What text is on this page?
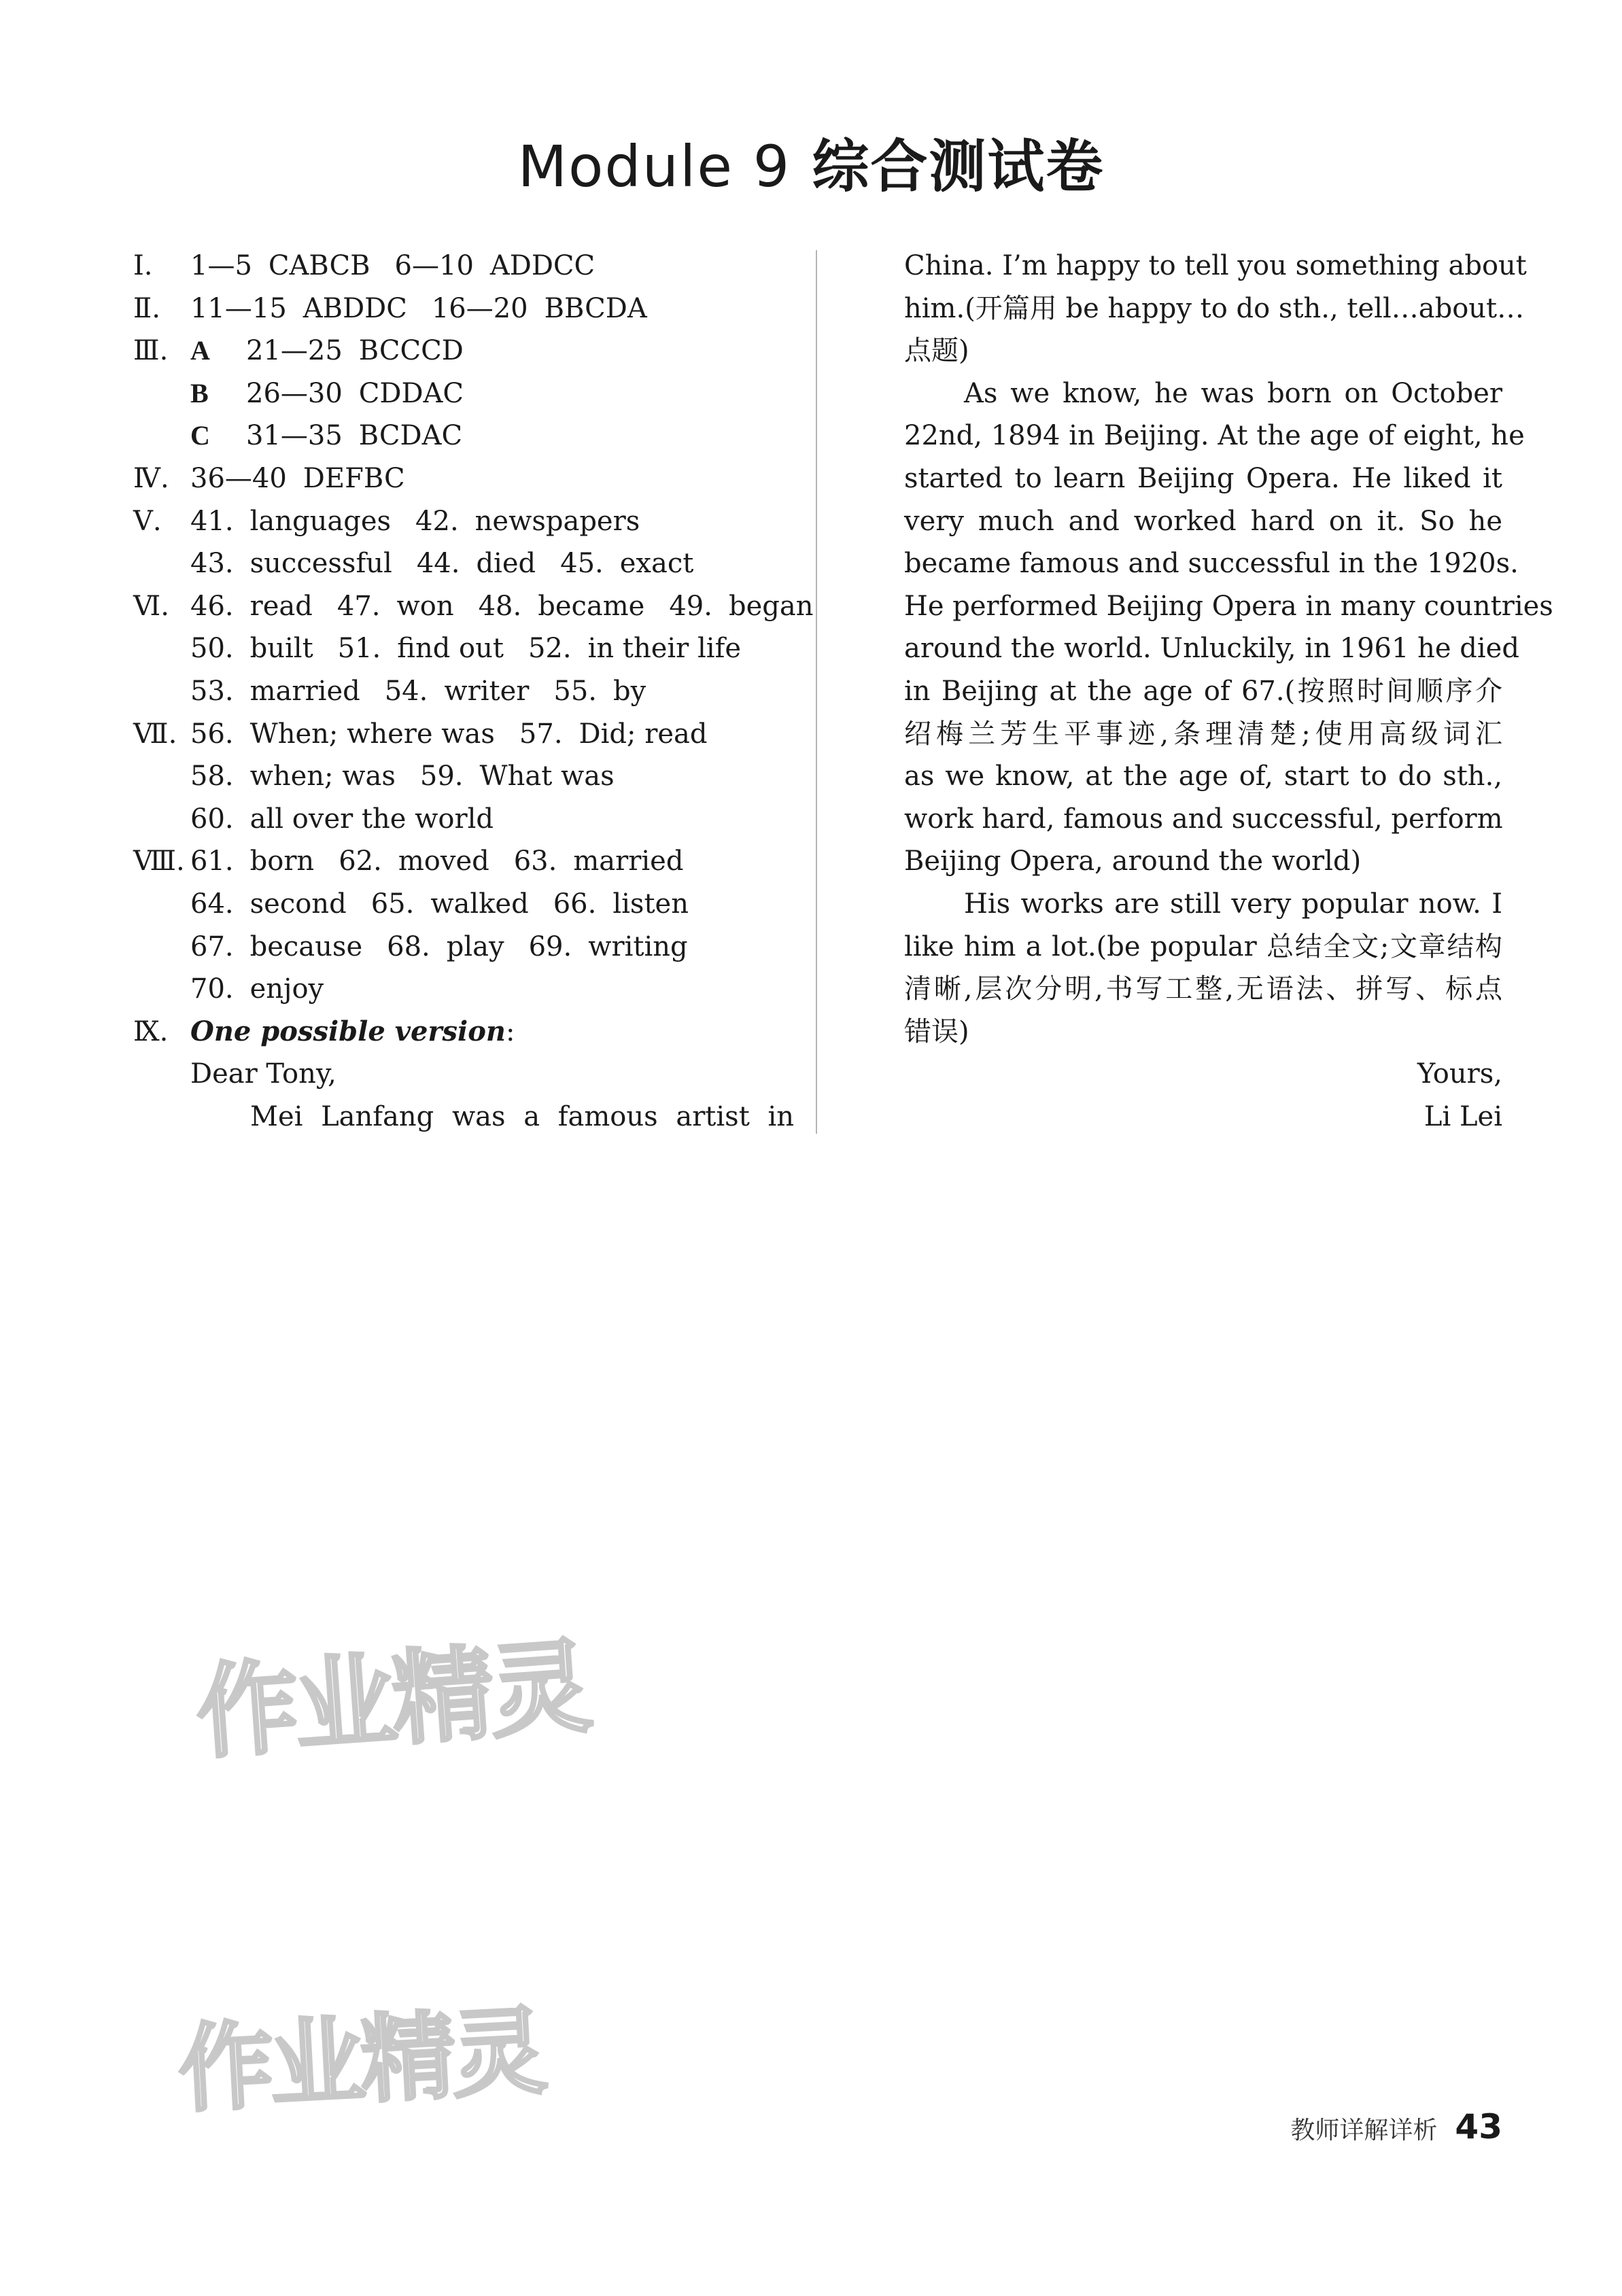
Module 9 综合测试卷
Ⅰ.	1—5 CABCB 6—10 ADDCC
Ⅱ.	11—15 ABDDC 16—20 BBCDA
Ⅲ. A 21—25 BCCCD
B 26—30 CDDAC
C 31—35 BCDAC
Ⅳ. 36—40 DEFBC
Ⅴ.	41. languages 42. newspapers
43. successful 44. died 45. exact
Ⅵ. 46. read 47. won 48. became 49. began
50. built 51. find out 52. in their life
53. married 54. writer 55. by
Ⅶ. 56. When; where was 57. Did; read
58. when; was 59. What was
60. all over the world
Ⅷ. 61. born 62. moved 63. married
64. second 65. walked 66. listen
67. because 68. play 69. writing
70. enjoy
Ⅸ. One possible version:
Dear Tony,
Mei Lanfang was a famous artist in
China. I’m happy to tell you something about
him.(开篇用 be happy to do sth., tell…about…
点题)
As we know, he was born on October
22nd, 1894 in Beijing. At the age of eight, he
started to learn Beijing Opera. He liked it
very much and worked hard on it. So he
became famous and successful in the 1920s.
He performed Beijing Opera in many countries
around the world. Unluckily, in 1961 he died
in Beijing at the age of 67.(按照时间顺序介
绍梅兰芳生平事迹,条理清楚;使用高级词汇
as we know, at the age of, start to do sth.,
work hard, famous and successful, perform
Beijing Opera, around the world)
His works are still very popular now. I
like him a lot.(be popular 总结全文;文章结构
清晰,层次分明,书写工整,无语法、拼写、标点
错误)
Yours,
Li Lei
作业精灵
作业精灵
教师详解详析 43
